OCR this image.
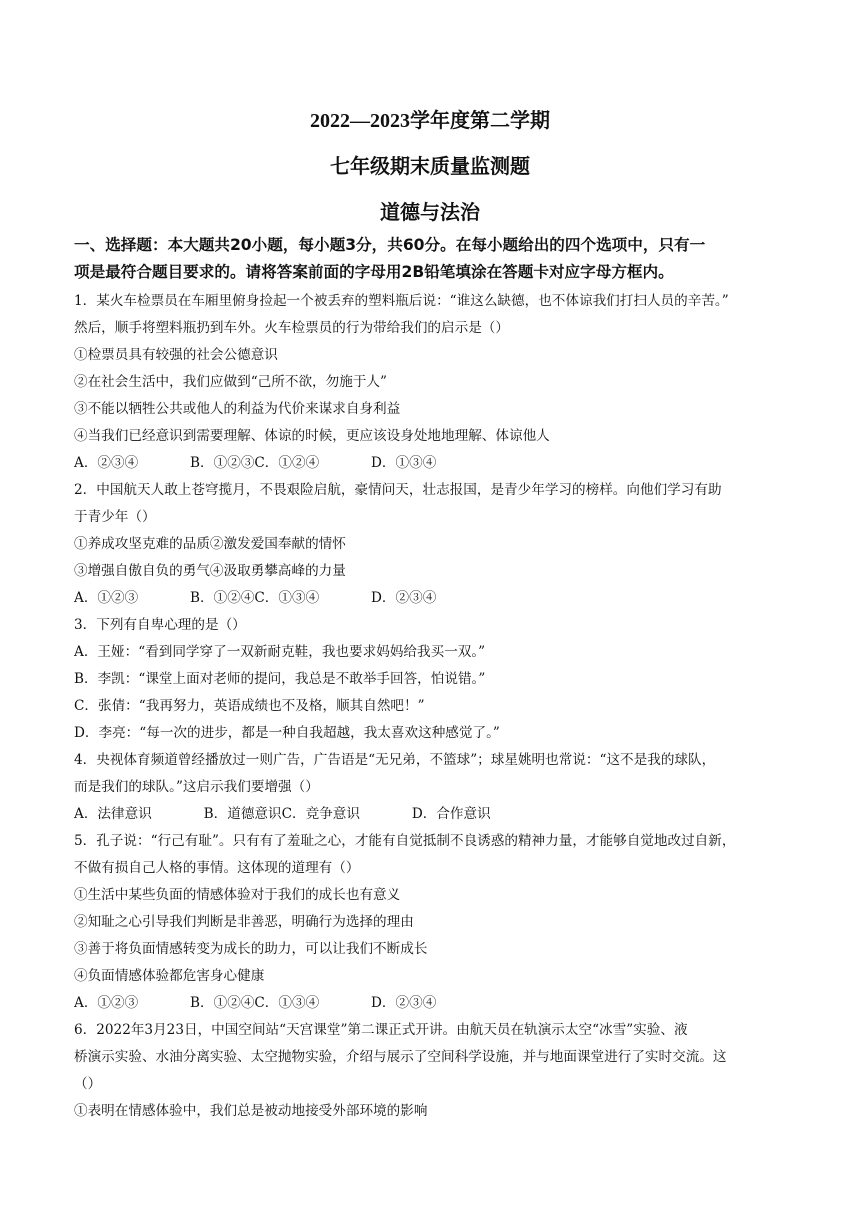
2022—2023学年度第二学期
七年级期末质量监测题
道德与法治
一、选择题：本大题共20小题，每小题3分，共60分。在每小题给出的四个选项中，只有一
项是最符合题目要求的。请将答案前面的字母用2B铅笔填涂在答题卡对应字母方框内。
1．某火车检票员在车厢里俯身捡起一个被丢弃的塑料瓶后说：“谁这么缺德，也不体谅我们打扫人员的辛苦。”
然后，顺手将塑料瓶扔到车外。火车检票员的行为带给我们的启示是（）
①检票员具有较强的社会公德意识
②在社会生活中，我们应做到“己所不欲，勿施于人”
③不能以牺牲公共或他人的利益为代价来谋求自身利益
④当我们已经意识到需要理解、体谅的时候，更应该设身处地地理解、体谅他人
A．②③④            B．①②③C．①②④            D．①③④
2．中国航天人敢上苍穹揽月，不畏艰险启航，豪情问天，壮志报国，是青少年学习的榜样。向他们学习有助
于青少年（）
①养成攻坚克难的品质②激发爱国奉献的情怀
③增强自傲自负的勇气④汲取勇攀高峰的力量
A．①②③            B．①②④C．①③④            D．②③④
3．下列有自卑心理的是（）
A．王娅：“看到同学穿了一双新耐克鞋，我也要求妈妈给我买一双。”
B．李凯：“课堂上面对老师的提问，我总是不敢举手回答，怕说错。”
C．张倩：“我再努力，英语成绩也不及格，顺其自然吧！”
D．李亮：“每一次的进步，都是一种自我超越，我太喜欢这种感觉了。”
4．央视体育频道曾经播放过一则广告，广告语是“无兄弟，不篮球”；球星姚明也常说：“这不是我的球队，
而是我们的球队。”这启示我们要增强（）
A．法律意识            B．道德意识C．竞争意识            D．合作意识
5．孔子说：“行己有耻”。只有有了羞耻之心，才能有自觉抵制不良诱惑的精神力量，才能够自觉地改过自新，
不做有损自己人格的事情。这体现的道理有（）
①生活中某些负面的情感体验对于我们的成长也有意义
②知耻之心引导我们判断是非善恶，明确行为选择的理由
③善于将负面情感转变为成长的助力，可以让我们不断成长
④负面情感体验都危害身心健康
A．①②③            B．①②④C．①③④            D．②③④
6．2022年3月23日，中国空间站“天宫课堂”第二课正式开讲。由航天员在轨演示太空“冰雪”实验、液
桥演示实验、水油分离实验、太空抛物实验，介绍与展示了空间科学设施，并与地面课堂进行了实时交流。这
（）
①表明在情感体验中，我们总是被动地接受外部环境的影响
